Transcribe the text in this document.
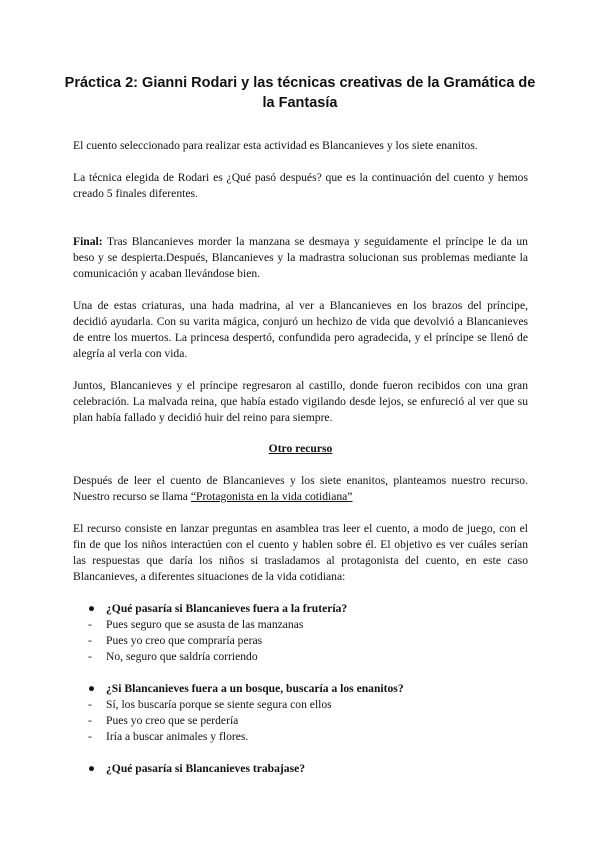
Práctica 2: Gianni Rodari y las técnicas creativas de la Gramática de la Fantasía

El cuento seleccionado para realizar esta actividad es Blancanieves y los siete enanitos.

La técnica elegida de Rodari es ¿Qué pasó después? que es la continuación del cuento y hemos creado 5 finales diferentes.

Final: Tras Blancanieves morder la manzana se desmaya y seguidamente el príncipe le da un beso y se despierta.Después, Blancanieves y la madrastra solucionan sus problemas mediante la comunicación y acaban llevándose bien.

Una de estas criaturas, una hada madrina, al ver a Blancanieves en los brazos del príncipe, decidió ayudarla. Con su varita mágica, conjuró un hechizo de vida que devolvió a Blancanieves de entre los muertos. La princesa despertó, confundida pero agradecida, y el príncipe se llenó de alegría al verla con vida.

Juntos, Blancanieves y el príncipe regresaron al castillo, donde fueron recibidos con una gran celebración. La malvada reina, que había estado vigilando desde lejos, se enfureció al ver que su plan había fallado y decidió huir del reino para siempre.

Otro recurso

Después de leer el cuento de Blancanieves y los siete enanitos, planteamos nuestro recurso. Nuestro recurso se llama “Protagonista en la vida cotidiana”

El recurso consiste en lanzar preguntas en asamblea tras leer el cuento, a modo de juego, con el fin de que los niños interactúen con el cuento y hablen sobre él. El objetivo es ver cuáles serían las respuestas que daría los niños si trasladamos al protagonista del cuento, en este caso Blancanieves, a diferentes situaciones de la vida cotidiana:

● ¿Qué pasaría si Blancanieves fuera a la frutería?
- Pues seguro que se asusta de las manzanas
- Pues yo creo que compraría peras
- No, seguro que saldría corriendo
● ¿Si Blancanieves fuera a un bosque, buscaría a los enanitos?
- Sí, los buscaría porque se siente segura con ellos
- Pues yo creo que se perdería
- Iría a buscar animales y flores.
● ¿Qué pasaría si Blancanieves trabajase?
